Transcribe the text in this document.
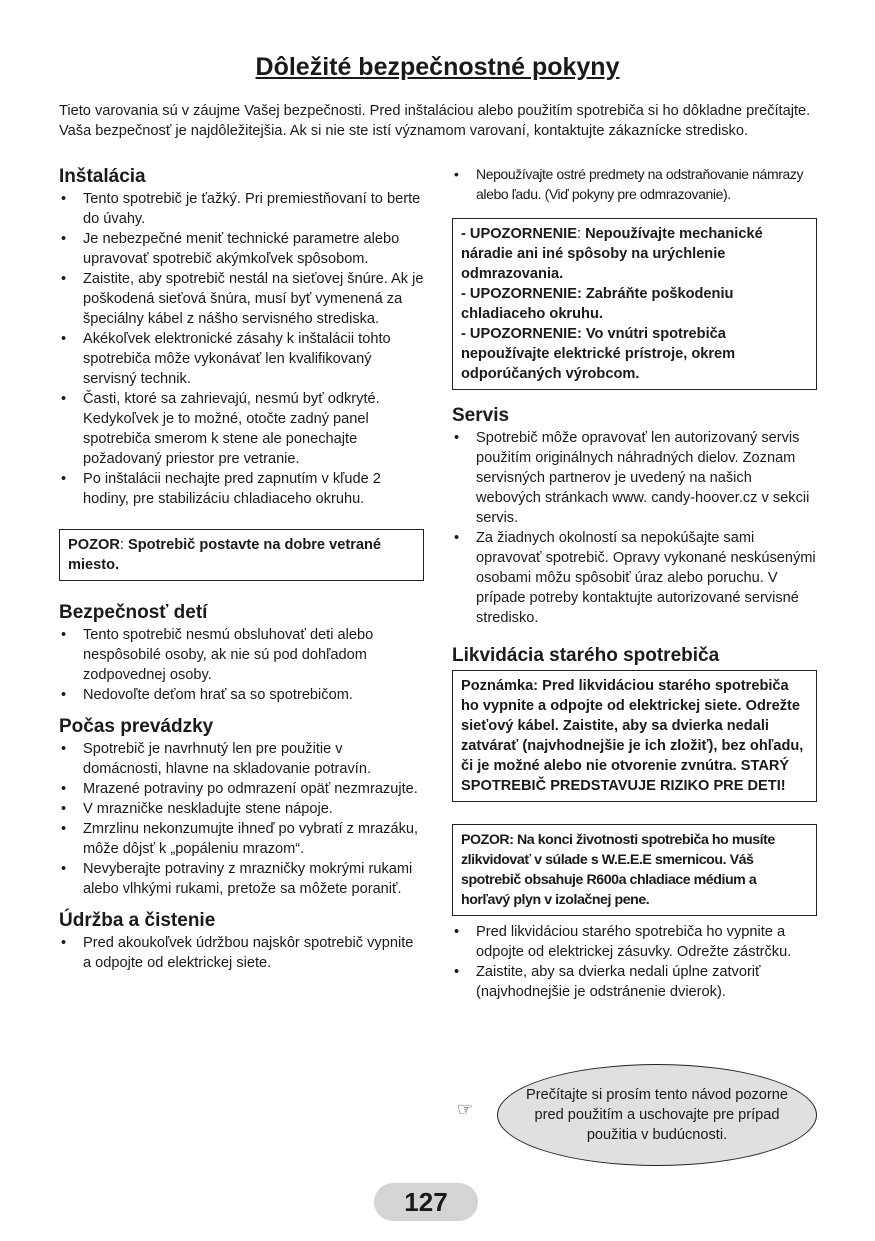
Dôležité bezpečnostné pokyny

Tieto varovania sú v záujme Vašej bezpečnosti. Pred inštaláciou alebo použitím spotrebiča si ho dôkladne prečítajte. Vaša bezpečnosť je najdôležitejšia. Ak si nie ste istí významom varovaní, kontaktujte zákaznícke stredisko.

Inštalácia
• Tento spotrebič je ťažký. Pri premiestňovaní to berte do úvahy.
• Je nebezpečné meniť technické parametre alebo upravovať spotrebič akýmkoľvek spôsobom.
• Zaistite, aby spotrebič nestál na sieťovej šnúre. Ak je poškodená sieťová šnúra, musí byť vymenená za špeciálny kábel z nášho servisného strediska.
• Akékoľvek elektronické zásahy k inštalácii tohto spotrebiča môže vykonávať len kvalifikovaný servisný technik.
• Časti, ktoré sa zahrievajú, nesmú byť odkryté. Kedykoľvek je to možné, otočte zadný panel spotrebiča smerom k stene ale ponechajte požadovaný priestor pre vetranie.
• Po inštalácii nechajte pred zapnutím v kľude 2 hodiny, pre stabilizáciu chladiaceho okruhu.
POZOR: Spotrebič postavte na dobre vetrané miesto.
Bezpečnosť detí
• Tento spotrebič nesmú obsluhovať deti alebo nespôsobilé osoby, ak nie sú pod dohľadom zodpovednej osoby.
• Nedovoľte deťom hrať sa so spotrebičom.
Počas prevádzky
• Spotrebič je navrhnutý len pre použitie v domácnosti, hlavne na skladovanie potravín.
• Mrazené potraviny po odmrazení opäť nezmrazujte.
• V mrazničke neskladujte stene nápoje.
• Zmrzlinu nekonzumujte ihneď po vybratí z mrazáku, môže dôjsť k „popáleniu mrazom“.
• Nevyberajte potraviny z mrazničky mokrými rukami alebo vlhkými rukami, pretože sa môžete poraniť.
Údržba a čistenie
• Pred akoukoľvek údržbou najskôr spotrebič vypnite a odpojte od elektrickej siete.
• Nepoužívajte ostré predmety na odstraňovanie námrazy alebo ľadu. (Viď pokyny pre odmrazovanie).
- UPOZORNENIE: Nepoužívajte mechanické náradie ani iné spôsoby na urýchlenie odmrazovania.
- UPOZORNENIE: Zabráňte poškodeniu chladiaceho okruhu.
- UPOZORNENIE: Vo vnútri spotrebiča nepoužívajte elektrické prístroje, okrem odporúčaných výrobcom.
Servis
• Spotrebič môže opravovať len autorizovaný servis použitím originálnych náhradných dielov. Zoznam servisných partnerov je uvedený na našich webových stránkach www. candy-hoover.cz v sekcii servis.
• Za žiadnych okolností sa nepokúšajte sami opravovať spotrebič. Opravy vykonané neskúsenými osobami môžu spôsobiť úraz alebo poruchu. V prípade potreby kontaktujte autorizované servisné stredisko.
Likvidácia starého spotrebiča
Poznámka: Pred likvidáciou starého spotrebiča ho vypnite a odpojte od elektrickej siete. Odrežte sieťový kábel. Zaistite, aby sa dvierka nedali zatvárať (najvhodnejšie je ich zložiť), bez ohľadu, či je možné alebo nie otvorenie zvnútra. STARÝ SPOTREBIČ PREDSTAVUJE RIZIKO PRE DETI!
POZOR: Na konci životnosti spotrebiča ho musíte zlikvidovať v súlade s W.E.E.E smernicou. Váš spotrebič obsahuje R600a chladiace médium a horľavý plyn v izolačnej pene.
• Pred likvidáciou starého spotrebiča ho vypnite a odpojte od elektrickej zásuvky. Odrežte zástrčku.
• Zaistite, aby sa dvierka nedali úplne zatvoriť (najvhodnejšie je odstránenie dvierok).
☞
Prečítajte si prosím tento návod pozorne pred použitím a uschovajte pre prípad použitia v budúcnosti.
127
